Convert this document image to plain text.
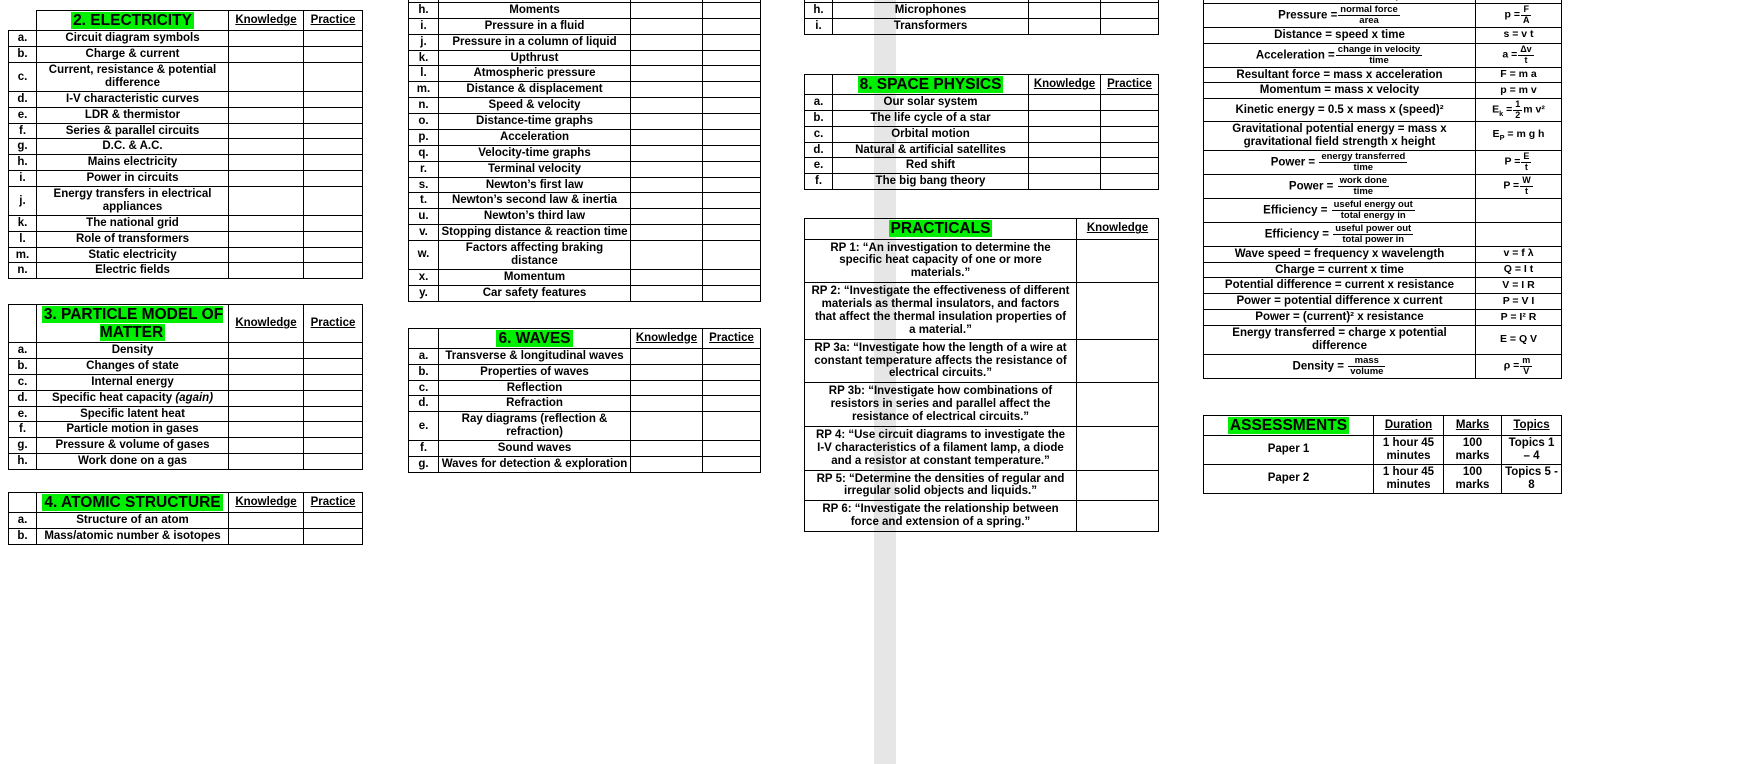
	2. ELECTRICITY	Knowledge	Practice
a.	Circuit diagram symbols		
b.	Charge & current		
c.	Current, resistance & potential difference		
d.	I-V characteristic curves		
e.	LDR & thermistor		
f.	Series & parallel circuits		
g.	D.C. & A.C.		
h.	Mains electricity		
i.	Power in circuits		
j.	Energy transfers in electrical appliances		
k.	The national grid		
l.	Role of transformers		
m.	Static electricity		
n.	Electric fields		
	3. PARTICLE MODEL OF MATTER	Knowledge	Practice
a.	Density		
b.	Changes of state		
c.	Internal energy		
d.	Specific heat capacity (again)		
e.	Specific latent heat		
f.	Particle motion in gases		
g.	Pressure & volume of gases		
h.	Work done on a gas		
	4. ATOMIC STRUCTURE	Knowledge	Practice
a.	Structure of an atom		
b.	Mass/atomic number & isotopes		

h.	Moments		
i.	Pressure in a fluid		
j.	Pressure in a column of liquid		
k.	Upthrust		
l.	Atmospheric pressure		
m.	Distance & displacement		
n.	Speed & velocity		
o.	Distance-time graphs		
p.	Acceleration		
q.	Velocity-time graphs		
r.	Terminal velocity		
s.	Newton’s first law		
t.	Newton’s second law & inertia		
u.	Newton’s third law		
v.	Stopping distance & reaction time		
w.	Factors affecting braking distance		
x.	Momentum		
y.	Car safety features		
	6. WAVES	Knowledge	Practice
a.	Transverse & longitudinal waves		
b.	Properties of waves		
c.	Reflection		
d.	Refraction		
e.	Ray diagrams (reflection & refraction)		
f.	Sound waves		
g.	Waves for detection & exploration		

h.	Microphones		
i.	Transformers		
	8. SPACE PHYSICS	Knowledge	Practice
a.	Our solar system		
b.	The life cycle of a star		
c.	Orbital motion		
d.	Natural & artificial satellites		
e.	Red shift		
f.	The big bang theory		
PRACTICALS	Knowledge
RP 1: “An investigation to determine the specific heat capacity of one or more materials.”	
RP 2: “Investigate the effectiveness of different materials as thermal insulators, and factors that affect the thermal insulation properties of a material.”	
RP 3a: “Investigate how the length of a wire at constant temperature affects the resistance of electrical circuits.”	
RP 3b: “Investigate how combinations of resistors in series and parallel affect the resistance of electrical circuits.”	
RP 4: “Use circuit diagrams to investigate the I-V characteristics of a filament lamp, a diode and a resistor at constant temperature.”	
RP 5: “Determine the densities of regular and irregular solid objects and liquids.”	
RP 6: “Investigate the relationship between force and extension of a spring.”	

Pressure = $\frac{\text{normal force}}{\text{area}}$	$p = \frac{F}{A}$

Distance = speed x time	s = v t
Acceleration = $\frac{\text{change in velocity}}{\text{time}}$	$a = \frac{\Delta v}{t}$

Resultant force = mass x acceleration	F = m a
Momentum = mass x velocity	p = m v
Kinetic energy = 0.5 x mass x (speed)²	$E_k = \frac{1}{2}$ m v²
Gravitational potential energy = mass x gravitational field strength x height	$E_P = m$ g h
Power = $\frac{\text{energy transferred}}{\text{time}}$	$P = \frac{E}{t}$

Power = $\frac{\text{work done}}{\text{time}}$	$P = \frac{W}{t}$

Efficiency = $\frac{\text{useful energy out}}{\text{total energy in}}$

Efficiency = $\frac{\text{useful power out}}{\text{total power in}}$

Wave speed = frequency x wavelength	v = f λ
Charge = current x time	Q = I t
Potential difference = current x resistance	V = I R
Power = potential difference x current	P = V I
Power = (current)² x resistance	P = I² R
Energy transferred = charge x potential difference	E = Q V
Density = $\frac{\text{mass}}{\text{volume}}$	$\rho = \frac{m}{V}$
ASSESSMENTS	Duration	Marks	Topics
Paper 1	1 hour 45 minutes	100 marks	Topics 1 – 4
Paper 2	1 hour 45 minutes	100 marks	Topics 5 - 8
